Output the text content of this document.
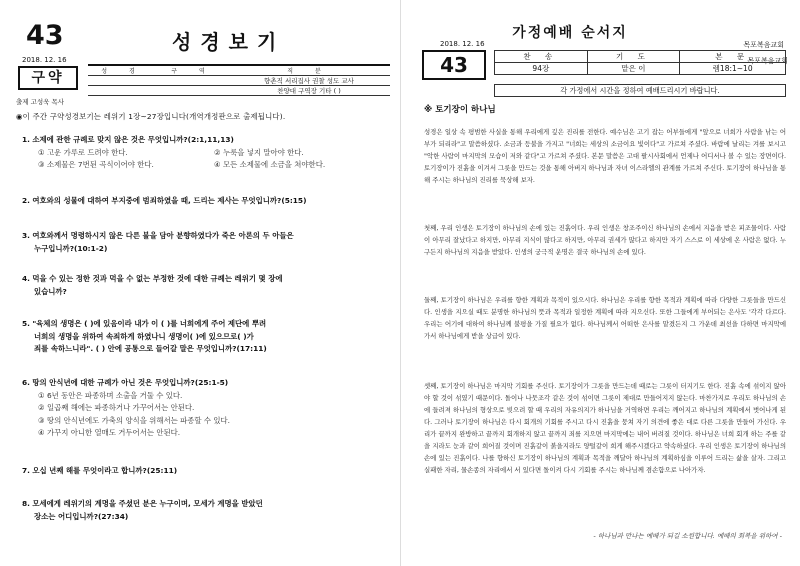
43	성경보기
2018. 12. 16	목포복음교회
구약
출제 고성욱 목사
성 경	구 역	직 분
		향촌직 서리집사 권찰 성도 교사
		찬양대 구역장 기타 ( )
◉이 주간 구약성경보기는 레위기 1장~27장입니다(개역개정판으로 출제됩니다).
1. 소제에 관한 규례로 맞지 않은 것은 무엇입니까?(2:1,11,13)
① 고운 가루로 드려야 한다.	② 누룩을 넣지 말아야 한다.
③ 소제물은 7번된 곡식이어야 한다.	④ 모든 소제물에 소금을 쳐야한다.
2. 여호와의 성물에 대하여 부지중에 범죄하였을 때, 드리는 제사는 무엇입니까?(5:15)
3. 여호와께서 명령하시지 않은 다른 불을 담아 분향하였다가 죽은 아론의 두 아들은
누구입니까?(10:1-2)
4. 먹을 수 있는 정한 것과 먹을 수 없는 부정한 것에 대한 규례는 레위기 몇 장에
있습니까?
5. "육체의 생명은 ( )에 있음이라 내가 이 ( )를 너희에게 주어 제단에 뿌려
너희의 생명을 위하여 속죄하게 하였나니 생명이( )에 있으므로( )가
죄를 속하느니라". ( ) 안에 공통으로 들어갈 말은 무엇입니까?(17:11)
6. 땅의 안식년에 대한 규례가 아닌 것은 무엇입니까?(25:1-5)
① 6년 동안은 파종하며 소출을 거둘 수 있다.
② 일곱째 해에는 파종하거나 가꾸어서는 안된다.
③ 땅의 안식년에도 가축의 양식을 위해서는 파종할 수 있다.
④ 가꾸지 아니한 열매도 거두어서는 안된다.
7. 오십 년째 해를 무엇이라고 합니까?(25:11)
8. 모세에게 레위기의 계명을 주셨던 분은 누구이며, 모세가 계명을 받았던
장소는 어디입니까?(27:34)
가정예배 순서지
2018. 12. 16	목포복음교회
43	찬 송	기 도	본 문
94장	맡은 이	렘18:1~10
각 가정에서 시간을 정하여 예배드리시기 바랍니다.
※ 토기장이 하나님
성경은 일상 속 평범한 사실을 통해 우리에게 깊은 진리를 전한다. 예수님은 고기 잡는 어부들에게 "앞으로 너희가 사람을 낚는 어부가 되리라"고 말씀하셨다. 소금과 등불을 가지고 "너희는 세상의 소금이요 빛이다"고 가르쳐 주셨다. 바람에 날리는 겨를 보시고 "악한 사람이 마지막의 모습이 저와 같다"고 가르쳐 주셨다. 본문 말씀은 고대 팔시사회에서 언제나 어디서나 볼 수 있는 장면이다. 토기장이가 진흙을 이겨서 그릇을 만드는 것을 통해 아버지 하나님과 자녀 이스라엘의 관계를 가르쳐 주신다. 토기장이 하나님을 통해 주시는 하나님의 진리를 묵상해 보자.
첫째, 우리 인생은 토기장이 하나님의 손에 있는 진흙이다. 우리 인생은 창조주이신 하나님의 손에서 지음을 받은 피조물이다. 사람이 아무리 잘났다고 하지만, 아무리 지식이 많다고 하지만, 아무리 권세가 많다고 하지만 자기 스스로 이 세상에 온 사람은 없다. 누구든지 하나님의 지음을 받았다. 인생의 궁극적 운명은 결국 하나님의 손에 있다.
둘째, 토기장이 하나님은 우리를 향한 계획과 목적이 있으시다. 하나님은 우리를 향한 목적과 계획에 따라 다양한 그릇들을 만드신다. 인생을 지으실 때도 분명한 하나님의 뜻과 목적과 일정한 계획에 따라 지으신다. 또한 그들에게 부어되는 은사도 '각각 다르다. 우리는 어기에 대하여 하나님께 불평을 가질 필요가 없다. 하나님께서 어떠한 은사를 맡겼든지 그 가운데 최선을 다하면 마지막에 가서 하나님에게 받을 상급이 있다.
셋째, 토기장이 하나님은 마지막 기회를 주신다. 토기장이가 그릇을 만드는데 때로는 그릇이 터지기도 한다. 진흙 속에 섞이지 않아야 할 것이 섞였기 때문이다. 돌이나 나뭇조각 같은 것이 섞이면 그릇이 제대로 만들어지지 않는다. 마찬가지로 우리도 하나님의 손에 들려져 하나님의 형상으로 빚으려 할 때 우리의 자유의지가 하나님을 거역하면 우리는 깨어지고 하나님의 계획에서 벗어나게 된다. 그러나 토기장이 하나님은 다시 회개의 기회를 주시고 다시 진흙을 뭉쳐 자기 의견에 좋은 대로 다른 그릇을 만들어 가신다. 우리가 끝까지 완방하고 끝까지 회개하지 않고 끝까지 죄를 지으면 마지막에는 내어 버려질 것이다. 하나님은 너희 회개 하는 주를 같을 지라도 눈과 같이 희어질 것이며 진흙같이 붉을지라도 양털같이 희게 해주시겠다고 약속하셨다. 우리 인생은 토기장이 하나님의 손에 있는 진흙이다. 나를 향하신 토기장이 하나님의 계획과 목적을 깨달아 하나님의 계획하심을 이루어 드리는 삶을 살자. 그리고 실패한 자리, 물손종의 자리에서 서 있다면 돌이켜 다시 기회를 주시는 하나님께 겸손함으로 나아가자.
- 하나님과 만나는 예배가 되길 소원합니다. 예배의 회복을 위하여 -
